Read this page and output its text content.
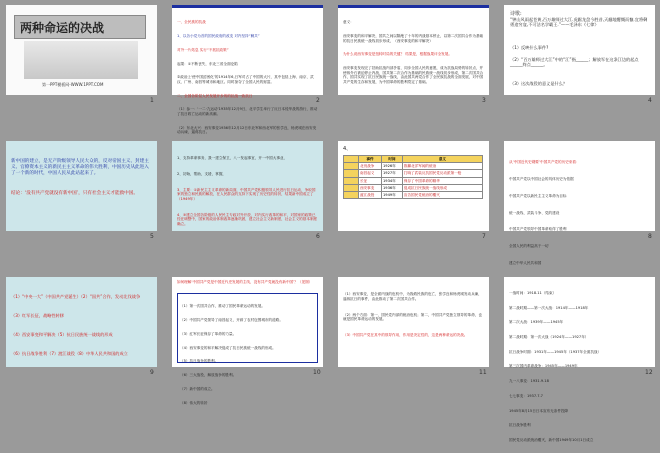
两种命运的决战
第一PPT模板网-WWW.1PPT.COM
1

一、全民族的抗战

1、以各小党为首的国民政府的改变 对内坚持“剿共”

对外一片姑息 实行“不抵抗政策”

起果：①不断丧失，东北三省全面沦陷

②政治上‘使中国贫困化’的1914年6,日军对占了中国的大片，其中包括上海、南京、武汉、广州、南昌等城市和地区。同时掠夺了全国人民的财富。

二、全国各阶层人民发展开步的的抗战一致抗日

（1）参一：‘一二·九运动’1935年12月9日，北平学生举行了反日本侵华战的游行，推动了抗日救亡运动的新高潮。

（2）东北大兴：西安事变1936年12月12日东北军和西北军的张学良，杨虎城在西安发动兵谏，逼蒋抗日。

2

意义：

西安事变的和平解决，国共之间以隔绝了十年的内战基本停止，以第二次国共合作为基础的抗日民族统一战线初步形成，（西安事变的和平解决）

为什么说西安事变是扭转时局的关键？ 结果是，根据战果评全发展。

西安事变发现完了扶助抗战内部矛盾，同步全国人民的意愿，成为抗战局势的转折点，并使蒋介石被迫停止内战，国共第二次合作为基础的民族统一战线初步形成，第二次国共合作，国共实现了抗日民族统一战线，由此国共两党合作了全民族抗战的全面发展，对中国共产党的生存和发展，为中国革命的胜利奠定了基础。

3
诗歌:
“钟山风雨起苍黄,百万雄师过大江.虎踞龙盘今胜昔,天翻地覆慨而慷.宜将剩勇追穷寇,不可沽名学霸王.”——毛泽东《七律》
（1）反映什么事件?
（2）“百万雄师过大江”中的“江”指______；解放军在这条江边的起点______终点______。
（3）这次战役的意义是什么？
4

新中国的建立，是无产阶级领导人民大众的，反对帝国主义、封建主义、官僚资本主义的新民主主义革命的伟大胜利，中国历史从此进入了一个新的时代，中国人民从此站起来了。

结论：‘没有共产党就没有新中国’，只有社会主义才能救中国。

5

1、支持革命事务，我一建立保卫，八一发起事宜，开一中国大事业，

2、初始，帮助，支援，掌握，

3、主要：①新民主主义革命的新局面，中国共产党积极领导人民进行抗日运动，争取国家的独立和民族的解放，在人民群众的支持下实现了历史性的转折，结果新中国成立了（1949年）

4、③建立全国各阶级的人民民主专政对外开放，对内实行改革的和平，对国家的政策已经在调整中，国家的政治体制改革逐渐巩固，建立社会主义新制度，社会主义的基本制度确立。

6
4、
	事件	时间	意义
	北伐战争	1926年	推翻北洋军阀的统治
	南昌起义	1927年	打响了武装反抗国民党反动派第一枪
	长征	1934年	保存了中国革命的精华
	西安事变	1936年	促成抗日民族统一战线形成
	渡江战役	1949年	宣告国民党统治的覆灭
7

从‘中国近代史纲要’中国共产党的历史来看：

中国共产党以中国社会的具体历史为依据

中国共产党以新民主主义革命为目标

统一战线、武装斗争、党的建设

中国共产党领导中国革命取得了胜利

全国人民的利益高于一切

建立中华人民共和国

8

（1）“中央一大”（中国共产党诞生）（2）“国共”合作，发动北伐战争

（3）红军长征，战略性转移

（4）西安事变和平解决（5）抗日民族统一战线的形成

（6）抗日战争胜利（7）渡江战役（8）中华人民共和国的成立

9
如何理解‘中国共产党是中国近代史发展的主线，没有共产党就没有新中国’？（见图）

（1）第一次国共合作，推动了国民革命运动的发展。

（2）中国共产党领导了南昌起义，开辟了农村包围城市的道路。

（3）红军长征保存了革命的力量。

（4）西安事变的和平解决促成了抗日民族统一战线的形成。

（5）抗日战争的胜利。

（6）三大战役，解放战争的胜利。

（7）新中国的成立。

（8）伟大的转折

10

（1）西安事变，是全面内战的危机中，为挽救民族的危亡，张学良和杨虎城发动兵谏，逼蒋抗日的事件，由此推动了第二次国共合作。

（2）两个方面：第一，国民党内部的统治危机；第二，中国共产党独立领导的革命，也就是国民革命运动的发展。

（3）中国共产党在其中的领导作用，作用是决定性的，这是两种命运的决战。

11

一战时间：1918.11（结束）

第二战时期——第一次大战：1914年——1918年

第二次大战：1939年——1945年

第二战时期：第一次大战（1924年——1927年）

抗日战争时期：1931年——1945年（1937年全面抗战）

第三次国内革命战争：1945年——1949年

九一八事变：1931.9.18

七七事变：1937.7.7

1945年8月15日日本宣布无条件投降

抗日战争胜利

国民党反动派统治覆灭，新中国1949年10月1日成立

12
